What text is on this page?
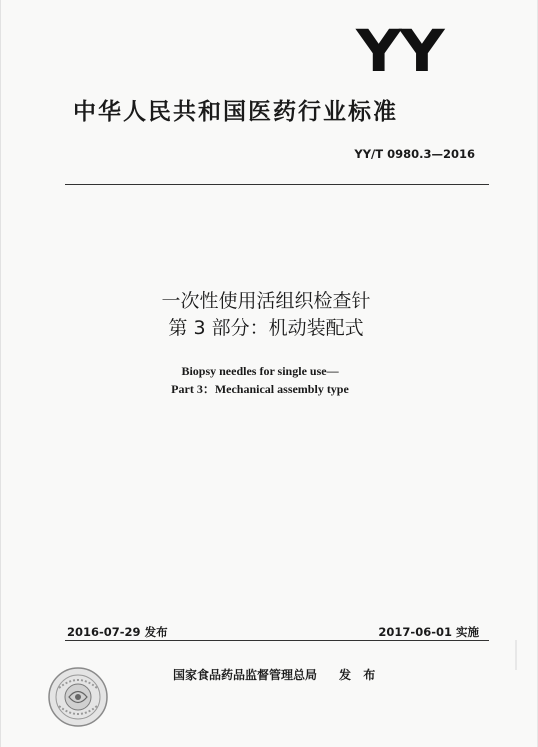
YY
中华人民共和国医药行业标准
YY/T 0980.3—2016
一次性使用活组织检查针
第 3 部分：机动装配式
Biopsy needles for single use—
Part 3：Mechanical assembly type
2016-07-29 发布	2017-06-01 实施
国家食品药品监督管理总局 发 布
